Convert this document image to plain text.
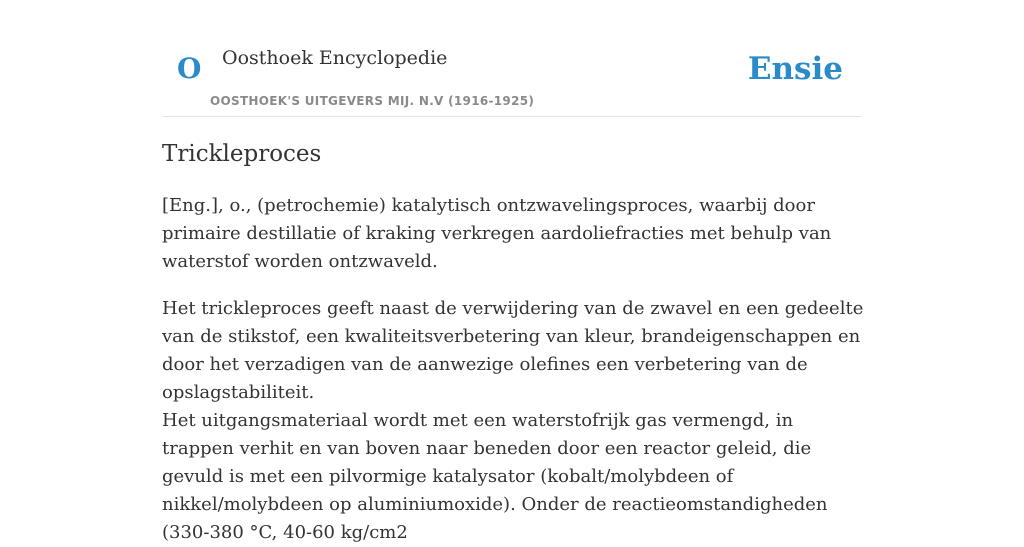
O Oosthoek Encyclopedie
OOSTHOEK'S UITGEVERS MIJ. N.V (1916-1925)
Ensie
Trickleproces

[Eng.], o., (petrochemie) katalytisch ontzwavelingsproces, waarbij door primaire destillatie of kraking verkregen aardoliefracties met behulp van waterstof worden ontzwaveld.

Het trickleproces geeft naast de verwijdering van de zwavel en een gedeelte van de stikstof, een kwaliteitsverbetering van kleur, brandeigenschappen en door het verzadigen van de aanwezige olefines een verbetering van de opslagstabiliteit.

Het uitgangsmateriaal wordt met een waterstofrijk gas vermengd, in trappen verhit en van boven naar beneden door een reactor geleid, die gevuld is met een pilvormige katalysator (kobalt/molybdeen of nikkel/molybdeen op aluminiumoxide). Onder de reactieomstandigheden (330-380 °C, 40-60 kg/cm2
